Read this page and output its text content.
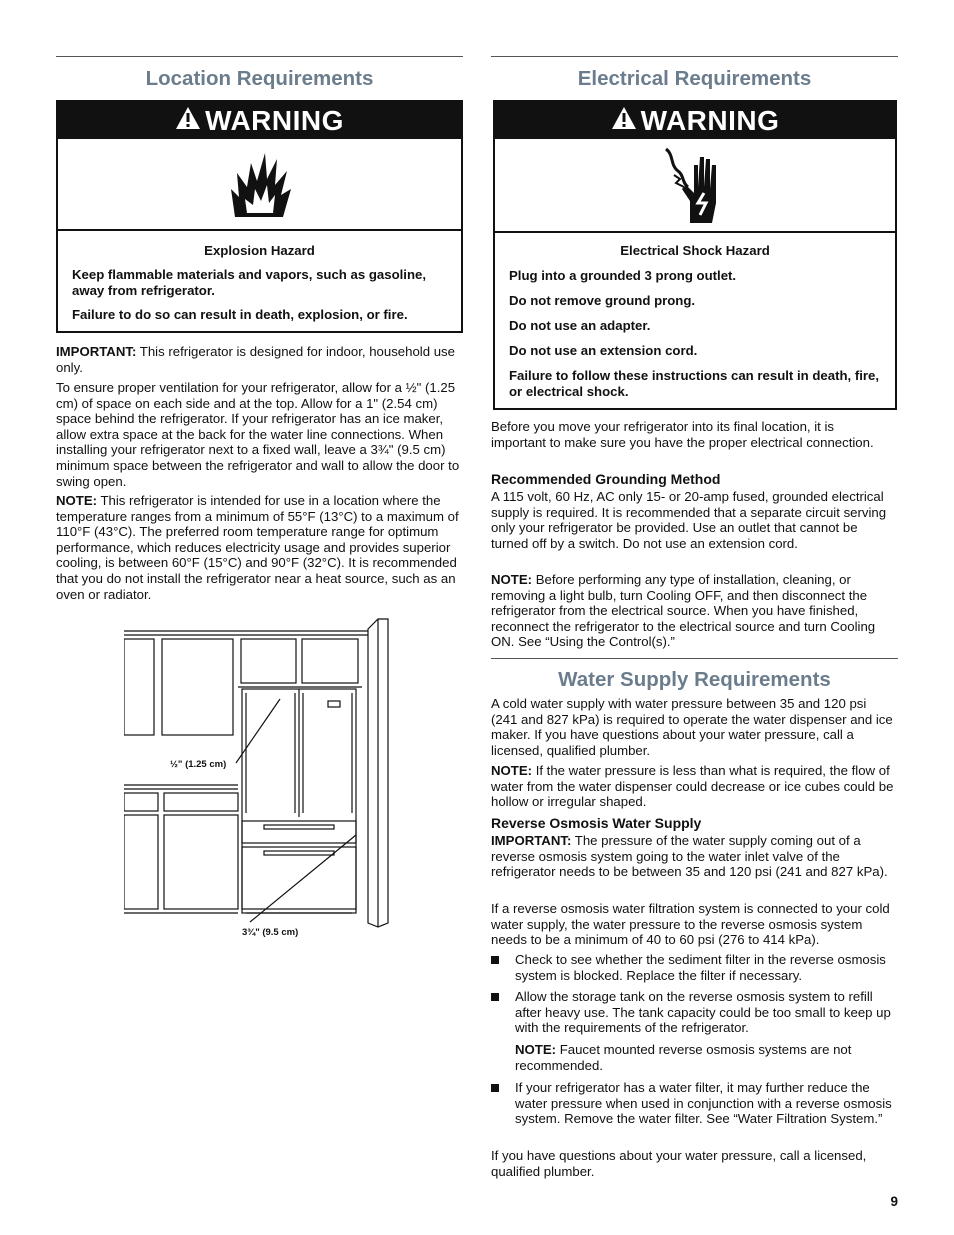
Location Requirements
WARNING
Explosion Hazard
Keep flammable materials and vapors, such as gasoline, away from refrigerator.
Failure to do so can result in death, explosion, or fire.

IMPORTANT: This refrigerator is designed for indoor, household use only.

To ensure proper ventilation for your refrigerator, allow for a ½" (1.25 cm) of space on each side and at the top. Allow for a 1" (2.54 cm) space behind the refrigerator. If your refrigerator has an ice maker, allow extra space at the back for the water line connections. When installing your refrigerator next to a fixed wall, leave a 3¾" (9.5 cm) minimum space between the refrigerator and wall to allow the door to swing open.

NOTE: This refrigerator is intended for use in a location where the temperature ranges from a minimum of 55°F (13°C) to a maximum of 110°F (43°C). The preferred room temperature range for optimum performance, which reduces electricity usage and provides superior cooling, is between 60°F (15°C) and 90°F (32°C). It is recommended that you do not install the refrigerator near a heat source, such as an oven or radiator.

½" (1.25 cm)
3¾" (9.5 cm)
Electrical Requirements
WARNING
Electrical Shock Hazard
Plug into a grounded 3 prong outlet.
Do not remove ground prong.
Do not use an adapter.
Do not use an extension cord.
Failure to follow these instructions can result in death, fire, or electrical shock.

Before you move your refrigerator into its final location, it is important to make sure you have the proper electrical connection.

Recommended Grounding Method

A 115 volt, 60 Hz, AC only 15- or 20-amp fused, grounded electrical supply is required. It is recommended that a separate circuit serving only your refrigerator be provided. Use an outlet that cannot be turned off by a switch. Do not use an extension cord.

NOTE: Before performing any type of installation, cleaning, or removing a light bulb, turn Cooling OFF, and then disconnect the refrigerator from the electrical source. When you have finished, reconnect the refrigerator to the electrical source and turn Cooling ON. See “Using the Control(s).”

Water Supply Requirements

A cold water supply with water pressure between 35 and 120 psi (241 and 827 kPa) is required to operate the water dispenser and ice maker. If you have questions about your water pressure, call a licensed, qualified plumber.

NOTE: If the water pressure is less than what is required, the flow of water from the water dispenser could decrease or ice cubes could be hollow or irregular shaped.

Reverse Osmosis Water Supply

IMPORTANT: The pressure of the water supply coming out of a reverse osmosis system going to the water inlet valve of the refrigerator needs to be between 35 and 120 psi (241 and 827 kPa).

If a reverse osmosis water filtration system is connected to your cold water supply, the water pressure to the reverse osmosis system needs to be a minimum of 40 to 60 psi (276 to 414 kPa).

Check to see whether the sediment filter in the reverse osmosis system is blocked. Replace the filter if necessary.
Allow the storage tank on the reverse osmosis system to refill after heavy use. The tank capacity could be too small to keep up with the requirements of the refrigerator.

NOTE: Faucet mounted reverse osmosis systems are not recommended.

If your refrigerator has a water filter, it may further reduce the water pressure when used in conjunction with a reverse osmosis system. Remove the water filter. See “Water Filtration System.”

If you have questions about your water pressure, call a licensed, qualified plumber.

9
